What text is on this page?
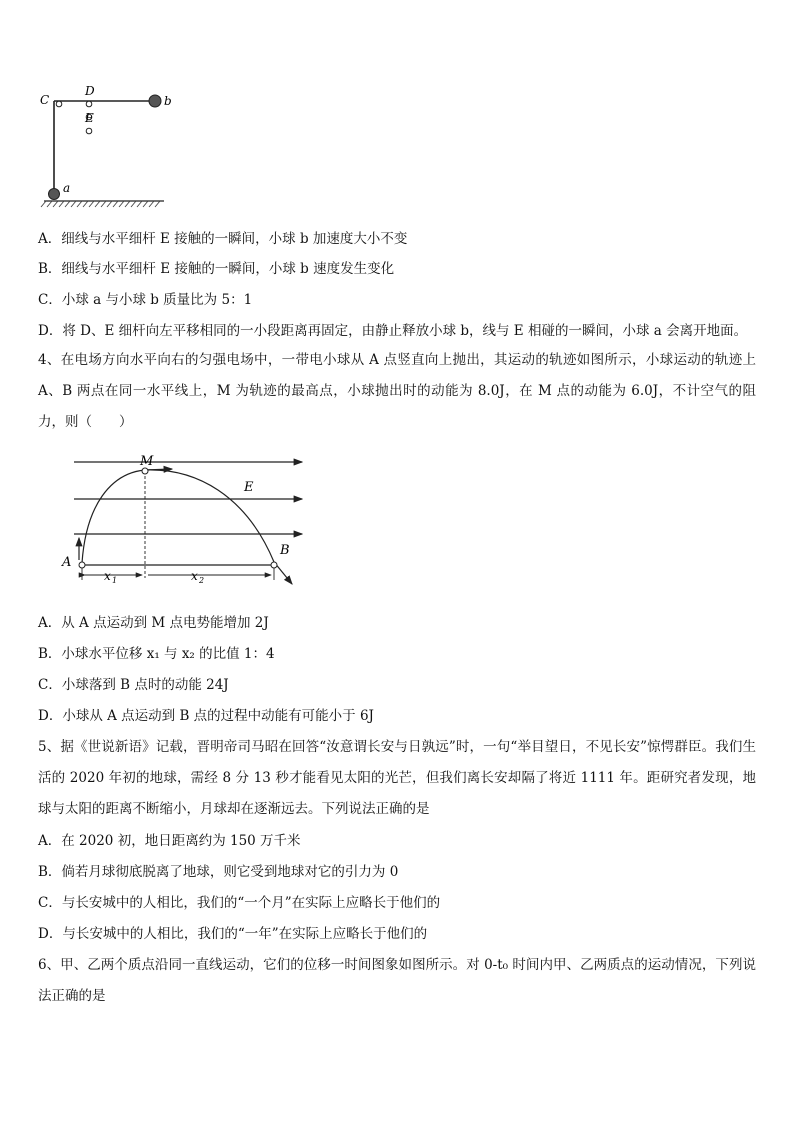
C
D
E
b
a
A．细线与水平细杆 E 接触的一瞬间，小球 b 加速度大小不变
B．细线与水平细杆 E 接触的一瞬间，小球 b 速度发生变化
C．小球 a 与小球 b 质量比为 5：1
D．将 D、E 细杆向左平移相同的一小段距离再固定，由静止释放小球 b，线与 E 相碰的一瞬间，小球 a 会离开地面。
4、在电场方向水平向右的匀强电场中，一带电小球从 A 点竖直向上抛出，其运动的轨迹如图所示，小球运动的轨迹上 A、B 两点在同一水平线上，M 为轨迹的最高点，小球抛出时的动能为 8.0J，在 M 点的动能为 6.0J，不计空气的阻力，则（　　）
M
E
A
B
x 1	x 2
A．从 A 点运动到 M 点电势能增加 2J
B．小球水平位移 x₁ 与 x₂ 的比值 1：4
C．小球落到 B 点时的动能 24J
D．小球从 A 点运动到 B 点的过程中动能有可能小于 6J
5、据《世说新语》记载，晋明帝司马昭在回答“汝意谓长安与日孰远”时，一句“举目望日，不见长安”惊愕群臣。我们生活的 2020 年初的地球，需经 8 分 13 秒才能看见太阳的光芒，但我们离长安却隔了将近 1111 年。距研究者发现，地球与太阳的距离不断缩小，月球却在逐渐远去。下列说法正确的是
A．在 2020 初，地日距离约为 150 万千米
B．倘若月球彻底脱离了地球，则它受到地球对它的引力为 0
C．与长安城中的人相比，我们的“一个月”在实际上应略长于他们的
D．与长安城中的人相比，我们的“一年”在实际上应略长于他们的
6、甲、乙两个质点沿同一直线运动，它们的位移一时间图象如图所示。对 0-t₀ 时间内甲、乙两质点的运动情况，下列说法正确的是
